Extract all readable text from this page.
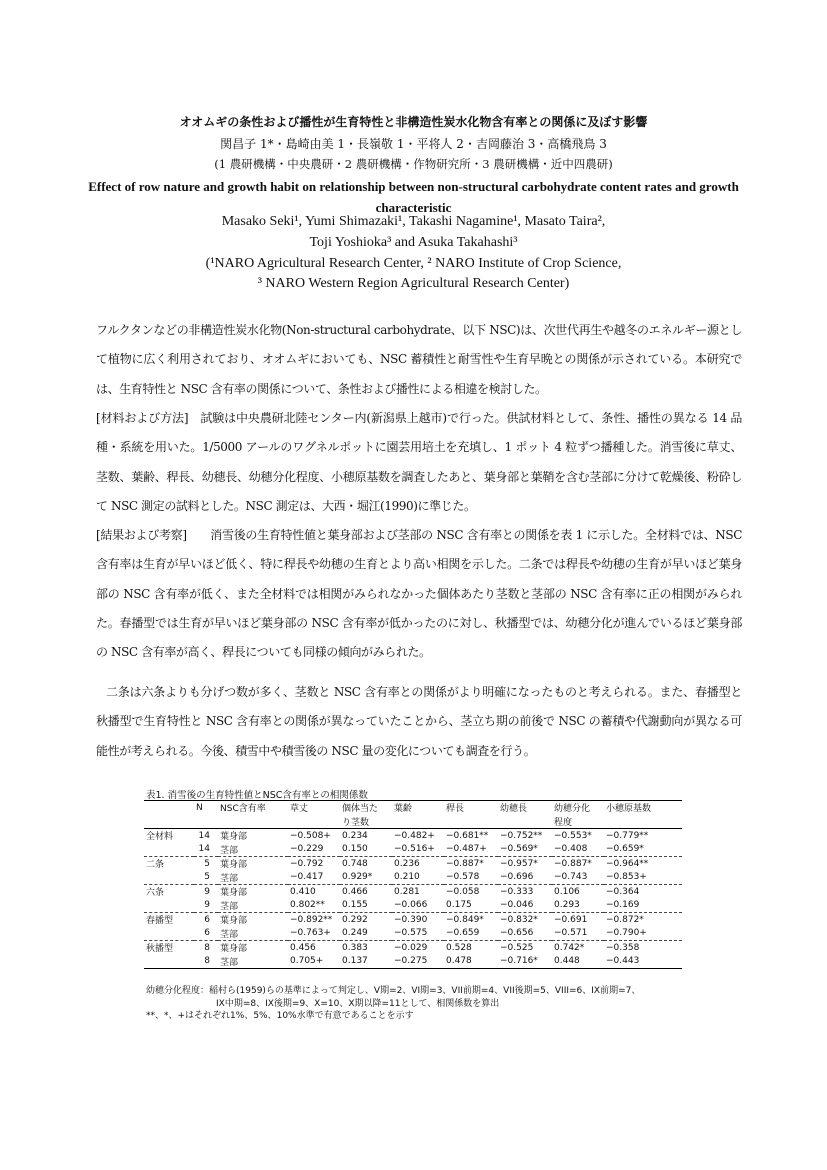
オオムギの条性および播性が生育特性と非構造性炭水化物含有率との関係に及ぼす影響
関昌子 1*・島崎由美 1・長嶺敬 1・平将人 2・吉岡藤治 3・高橋飛鳥 3
(1 農研機構・中央農研・2 農研機構・作物研究所・3 農研機構・近中四農研)
Effect of row nature and growth habit on relationship between non-structural carbohydrate content rates and growth characteristic
Masako Seki¹, Yumi Shimazaki¹, Takashi Nagamine¹, Masato Taira²,
Toji Yoshioka³ and Asuka Takahashi³
(¹NARO Agricultural Research Center, ² NARO Institute of Crop Science,
³ NARO Western Region Agricultural Research Center)

フルクタンなどの非構造性炭水化物(Non-structural carbohydrate、以下 NSC)は、次世代再生や越冬のエネルギー源として植物に広く利用されており、オオムギにおいても、NSC 蓄積性と耐雪性や生育早晩との関係が示されている。本研究では、生育特性と NSC 含有率の関係について、条性および播性による相違を検討した。

[材料および方法]　試験は中央農研北陸センター内(新潟県上越市)で行った。供試材料として、条性、播性の異なる 14 品種・系統を用いた。1/5000 アールのワグネルポットに園芸用培土を充填し、1 ポット 4 粒ずつ播種した。消雪後に草丈、茎数、葉齢、稈長、幼穂長、幼穂分化程度、小穂原基数を調査したあと、葉身部と葉鞘を含む茎部に分けて乾燥後、粉砕して NSC 測定の試料とした。NSC 測定は、大西・堀江(1990)に準じた。

[結果および考察]　　消雪後の生育特性値と葉身部および茎部の NSC 含有率との関係を表 1 に示した。全材料では、NSC 含有率は生育が早いほど低く、特に稈長や幼穂の生育とより高い相関を示した。二条では稈長や幼穂の生育が早いほど葉身部の NSC 含有率が低く、また全材料では相関がみられなかった個体あたり茎数と茎部の NSC 含有率に正の相関がみられた。春播型では生育が早いほど葉身部の NSC 含有率が低かったのに対し、秋播型では、幼穂分化が進んでいるほど葉身部の NSC 含有率が高く、稈長についても同様の傾向がみられた。

二条は六条よりも分げつ数が多く、茎数と NSC 含有率との関係がより明確になったものと考えられる。また、春播型と秋播型で生育特性と NSC 含有率との関係が異なっていたことから、茎立ち期の前後で NSC の蓄積や代謝動向が異なる可能性が考えられる。今後、積雪中や積雪後の NSC 量の変化についても調査を行う。

表1. 消雪後の生育特性値とNSC含有率との相関係数
	N	NSC含有率	草丈	個体当た	葉齢	稈長	幼穂長	幼穂分化	小穂原基数
				り茎数				程度	
全材料	14	葉身部	−0.508+	0.234	−0.482+	−0.681**	−0.752**	−0.553*	−0.779**
	14	茎部	−0.229	0.150	−0.516+	−0.487+	−0.569*	−0.408	−0.659*
二条	5	葉身部	−0.792	0.748	0.236	−0.887*	−0.957*	−0.887*	−0.964**
	5	茎部	−0.417	0.929*	0.210	−0.578	−0.696	−0.743	−0.853+
六条	9	葉身部	0.410	0.466	0.281	−0.058	−0.333	0.106	−0.364
	9	茎部	0.802**	0.155	−0.066	0.175	−0.046	0.293	−0.169
春播型	6	葉身部	−0.892**	0.292	−0.390	−0.849*	−0.832*	−0.691	−0.872*
	6	茎部	−0.763+	0.249	−0.575	−0.659	−0.656	−0.571	−0.790+
秋播型	8	葉身部	0.456	0.383	−0.029	0.528	−0.525	0.742*	−0.358
	8	茎部	0.705+	0.137	−0.275	0.478	−0.716*	0.448	−0.443
幼穂分化程度：稲村ら(1959)らの基準によって判定し、V期=2、VI期=3、VII前期=4、VII後期=5、VIII=6、IX前期=7、
IX中期=8、IX後期=9、X=10、X期以降=11として、相関係数を算出
**、*、+はそれぞれ1%、5%、10%水準で有意であることを示す
